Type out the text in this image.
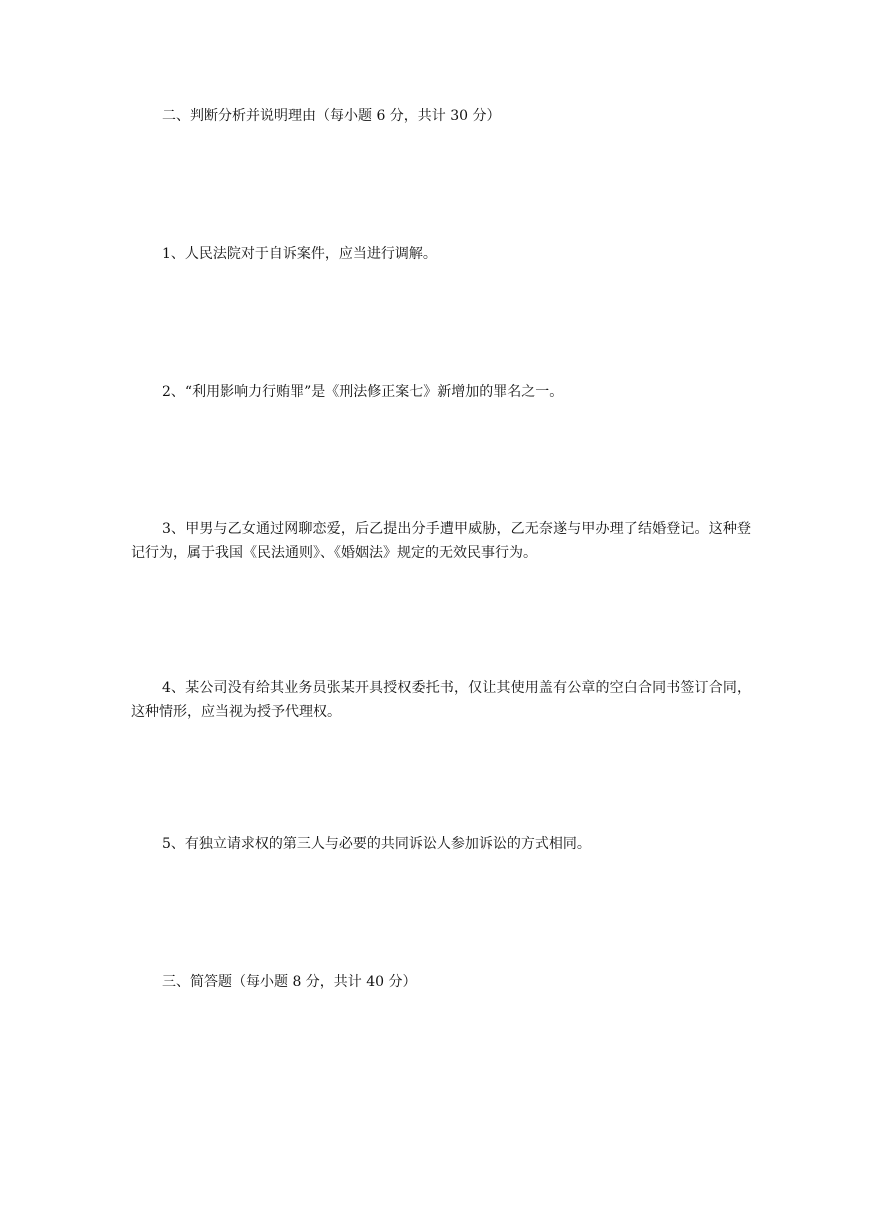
二、判断分析并说明理由（每小题 6 分，共计 30 分）
1、人民法院对于自诉案件，应当进行调解。
2、“利用影响力行贿罪”是《刑法修正案七》新增加的罪名之一。
3、甲男与乙女通过网聊恋爱，后乙提出分手遭甲威胁，乙无奈遂与甲办理了结婚登记。这种登记行为，属于我国《民法通则》、《婚姻法》规定的无效民事行为。
4、某公司没有给其业务员张某开具授权委托书，仅让其使用盖有公章的空白合同书签订合同，这种情形，应当视为授予代理权。
5、有独立请求权的第三人与必要的共同诉讼人参加诉讼的方式相同。
三、简答题（每小题 8 分，共计 40 分）
